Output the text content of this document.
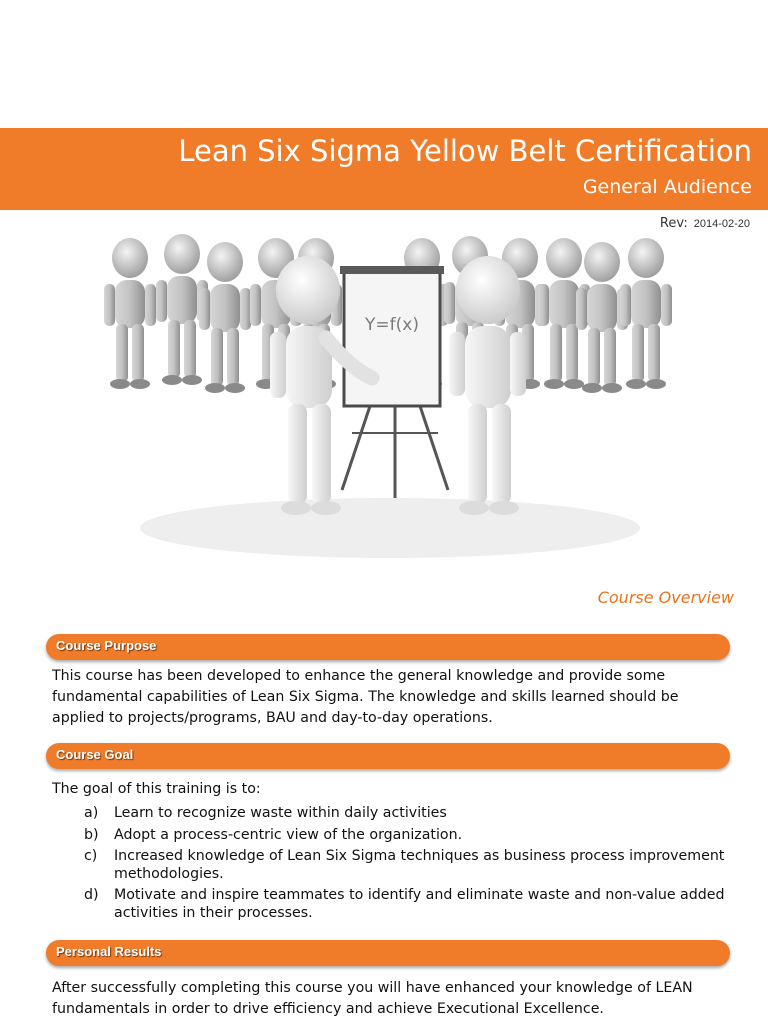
Lean Six Sigma Yellow Belt Certification
General Audience
Rev: 2014-02-20
Y=f(x)
Course Overview
Course Purpose
This course has been developed to enhance the general knowledge and provide some fundamental capabilities of Lean Six Sigma. The knowledge and skills learned should be applied to projects/programs, BAU and day-to-day operations.
Course Goal
The goal of this training is to:
a) Learn to recognize waste within daily activities
b) Adopt a process-centric view of the organization.
c) Increased knowledge of Lean Six Sigma techniques as business process improvement methodologies.
d) Motivate and inspire teammates to identify and eliminate waste and non-value added activities in their processes.
Personal Results
After successfully completing this course you will have enhanced your knowledge of LEAN fundamentals in order to drive efficiency and achieve Executional Excellence.
